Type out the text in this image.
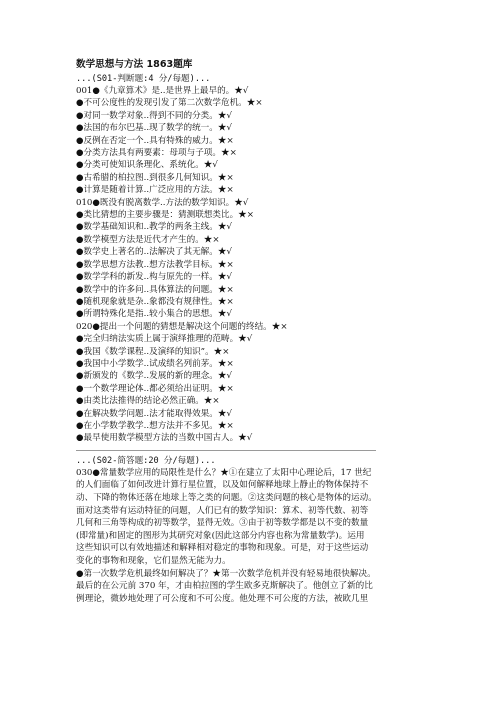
数学思想与方法 1863题库
...(S01-判断题:4 分/每题)...
001●《九章算术》是..是世界上最早的。★√
●不可公度性的发现引发了第二次数学危机。★×
●对同一数学对象..得到不同的分类。★√
●法国的布尔巴基..现了数学的统一。★√
●反例在否定一个..具有特殊的威力。★×
●分类方法具有两要素：母项与子项。★×
●分类可使知识条理化、系统化。★√
●古希腊的柏拉图..到很多几何知识。★×
●计算是随着计算..广泛应用的方法。★×
010●既没有脱离数学..方法的数学知识。★√
●类比猜想的主要步骤是：猜测联想类比。★×
●数学基础知识和..教学的两条主线。★√
●数学模型方法是近代才产生的。★×
●数学史上著名的..法解决了其无解。★√
●数学思想方法教..想方法教学目标。★×
●数学学科的新发..构与原先的一样。★√
●数学中的许多问..具体算法的问题。★×
●随机现象就是杂..象都没有规律性。★×
●所谓特殊化是指..较小集合的思想。★√
020●提出一个问题的猜想是解决这个问题的终结。★×
●完全归纳法实质上属于演绎推理的范畴。★√
●我国《数学课程..及演绎的知识”。★×
●我国中小学数学..试成绩名列前茅。★×
●新颁发的《数学..发展的新的理念。★√
●一个数学理论体..都必须给出证明。★×
●由类比法推得的结论必然正确。★×
●在解决数学问题..法才能取得效果。★√
●在小学数学教学..想方法并不多见。★×
●最早使用数学模型方法的当数中国古人。★√
...(S02-简答题:20 分/每题)...

030●常量数学应用的局限性是什么？★①在建立了太阳中心理论后，17 世纪

的人们面临了如何改进计算行星位置，以及如何解释地球上静止的物体保持不

动、下降的物体还落在地球上等之类的问题。②这类问题的核心是物体的运动。

面对这类带有运动特征的问题，人们已有的数学知识：算术、初等代数、初等

几何和三角等构成的初等数学，显得无效。③由于初等数学都是以不变的数量

(即常量)和固定的图形为其研究对象(因此这部分内容也称为常量数学)。运用

这些知识可以有效地描述和解释相对稳定的事物和现象。可是，对于这些运动

变化的事物和现象，它们显然无能为力。

●第一次数学危机最终如何解决了？★第一次数学危机并没有轻易地很快解决。

最后的在公元前 370 年，才由柏拉图的学生欧多克斯解决了。他创立了新的比

例理论，微妙地处理了可公度和不可公度。他处理不可公度的方法，被欧几里
